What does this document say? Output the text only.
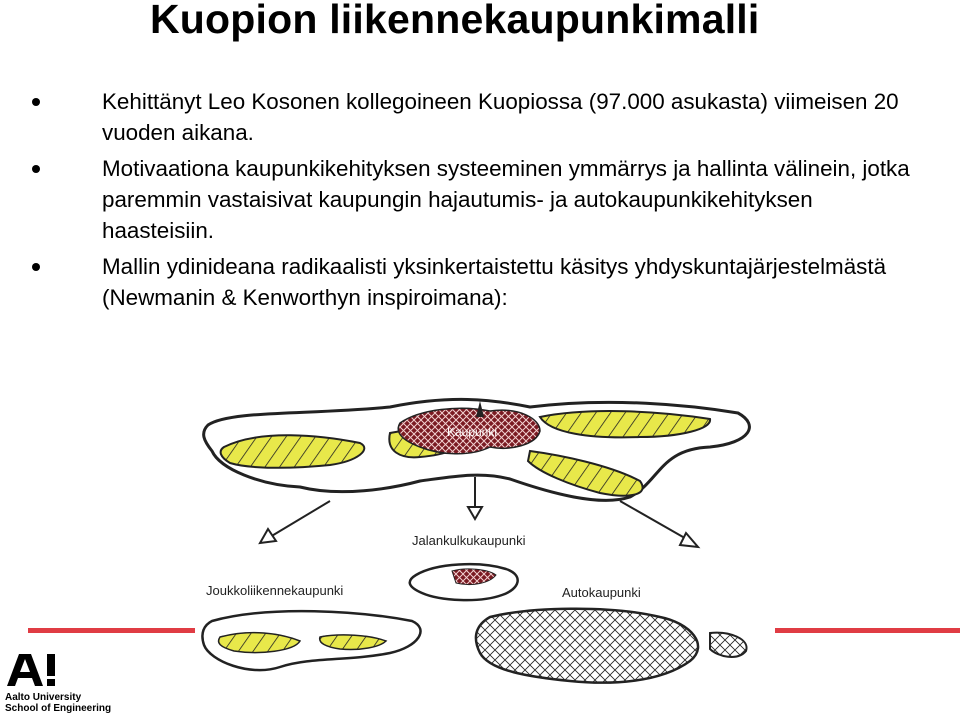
Kuopion liikennekaupunkimalli
Kehittänyt Leo Kosonen kollegoineen Kuopiossa (97.000 asukasta) viimeisen 20 vuoden aikana.
Motivaationa kaupunkikehityksen systeeminen ymmärrys ja hallinta välinein, jotka paremmin vastaisivat kaupungin hajautumis- ja autokaupunkikehityksen haasteisiin.
Mallin ydinideana radikaalisti yksinkertaistettu käsitys yhdyskuntajärjestelmästä (Newmanin & Kenworthyn inspiroimana):
Kaupunki
Jalankulkukaupunki
Joukkoliikennekaupunki	Autokaupunki
Aalto University
School of Engineering
